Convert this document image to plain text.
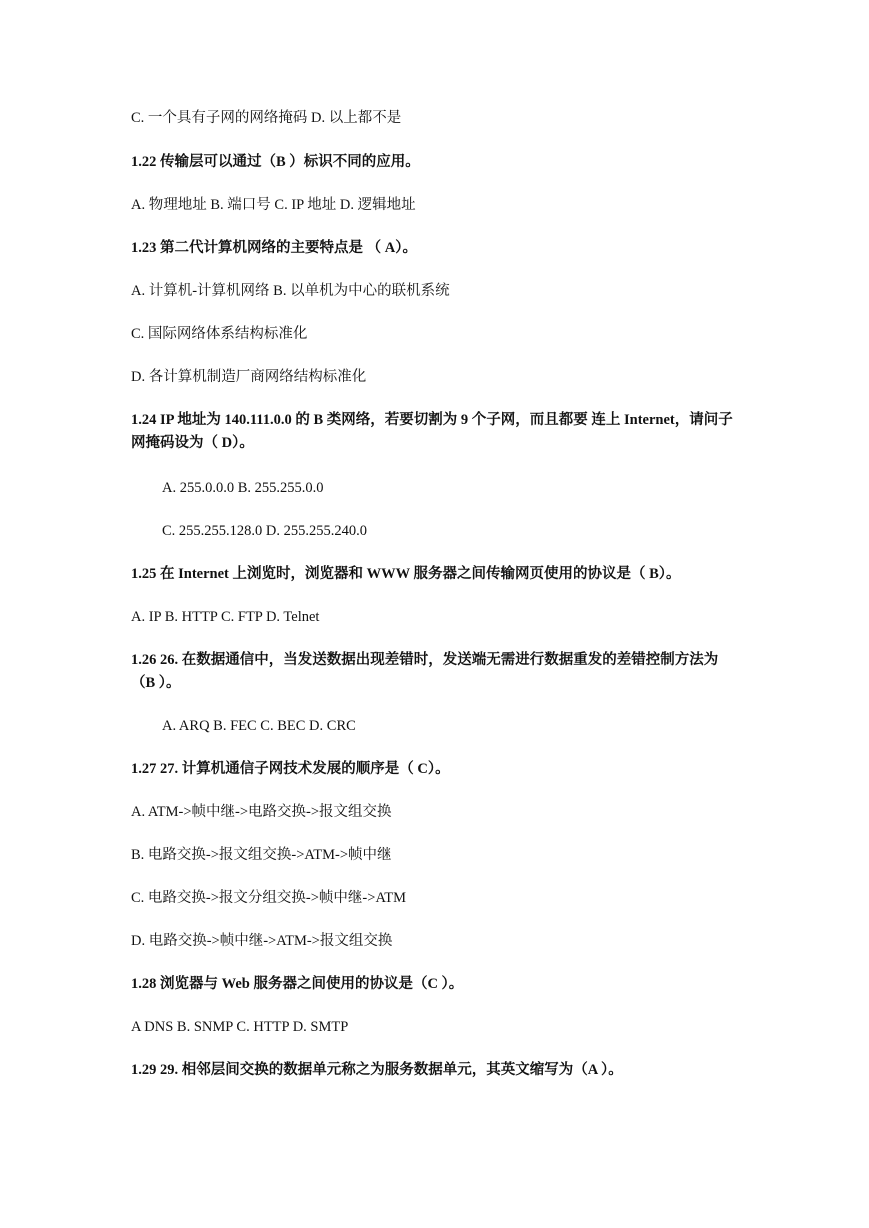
C. 一个具有子网的网络掩码 D. 以上都不是
1.22 传输层可以通过（B ）标识不同的应用。
A. 物理地址 B. 端口号 C. IP 地址 D. 逻辑地址
1.23 第二代计算机网络的主要特点是 （ A）。
A. 计算机-计算机网络 B. 以单机为中心的联机系统
C. 国际网络体系结构标准化
D. 各计算机制造厂商网络结构标准化
1.24 IP 地址为 140.111.0.0 的 B 类网络，若要切割为 9 个子网，而且都要 连上 Internet，请问子网掩码设为（ D）。
A. 255.0.0.0 B. 255.255.0.0
C. 255.255.128.0 D. 255.255.240.0
1.25 在 Internet 上浏览时，浏览器和 WWW 服务器之间传输网页使用的协议是（ B）。
A. IP B. HTTP C. FTP D. Telnet
1.26 26. 在数据通信中，当发送数据出现差错时，发送端无需进行数据重发的差错控制方法为 （B ）。
A. ARQ B. FEC C. BEC D. CRC
1.27 27. 计算机通信子网技术发展的顺序是（ C）。
A. ATM->帧中继->电路交换->报文组交换
B. 电路交换->报文组交换->ATM->帧中继
C. 电路交换->报文分组交换->帧中继->ATM
D. 电路交换->帧中继->ATM->报文组交换
1.28 浏览器与 Web 服务器之间使用的协议是（C ）。
A DNS B. SNMP C. HTTP D. SMTP
1.29 29. 相邻层间交换的数据单元称之为服务数据单元，其英文缩写为（A ）。
